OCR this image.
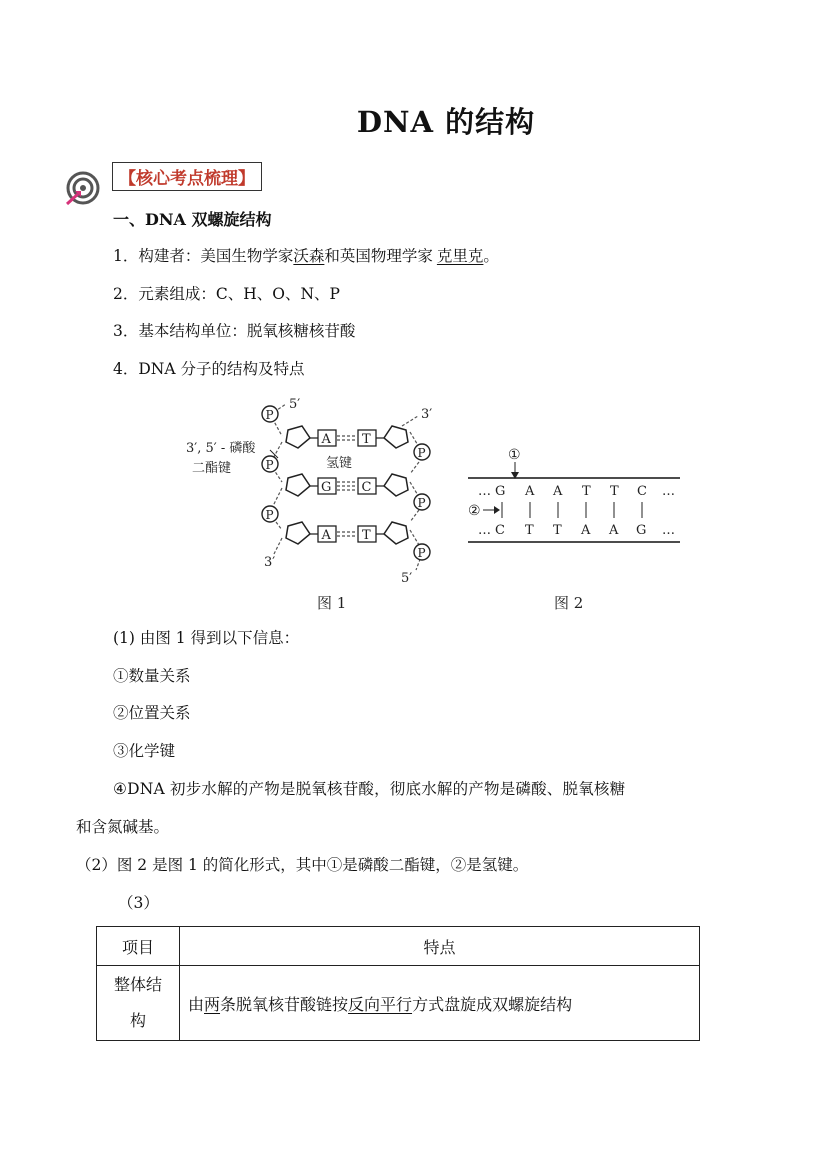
DNA 的结构
【核心考点梳理】
一、DNA 双螺旋结构
1．构建者：美国生物学家沃森和英国物理学家 克里克。
2．元素组成：C、H、O、N、P
3．基本结构单位：脱氧核糖核苷酸
4．DNA 分子的结构及特点
5′
3′
3′, 5′ - 磷酸
二酯键	氢键
3′
5′
P
P
P
P
P
P
A T
G C
A T
图 1
①
②
…	…
…	…
G A A T T C
C T T A A G
图 2
(1) 由图 1 得到以下信息：
①数量关系
②位置关系
③化学键
④DNA 初步水解的产物是脱氧核苷酸，彻底水解的产物是磷酸、脱氧核糖
和含氮碱基。
（2）图 2 是图 1 的简化形式，其中①是磷酸二酯键，②是氢键。
（3）
项目	特点

整体结
构	由两条脱氧核苷酸链按反向平行方式盘旋成双螺旋结构
